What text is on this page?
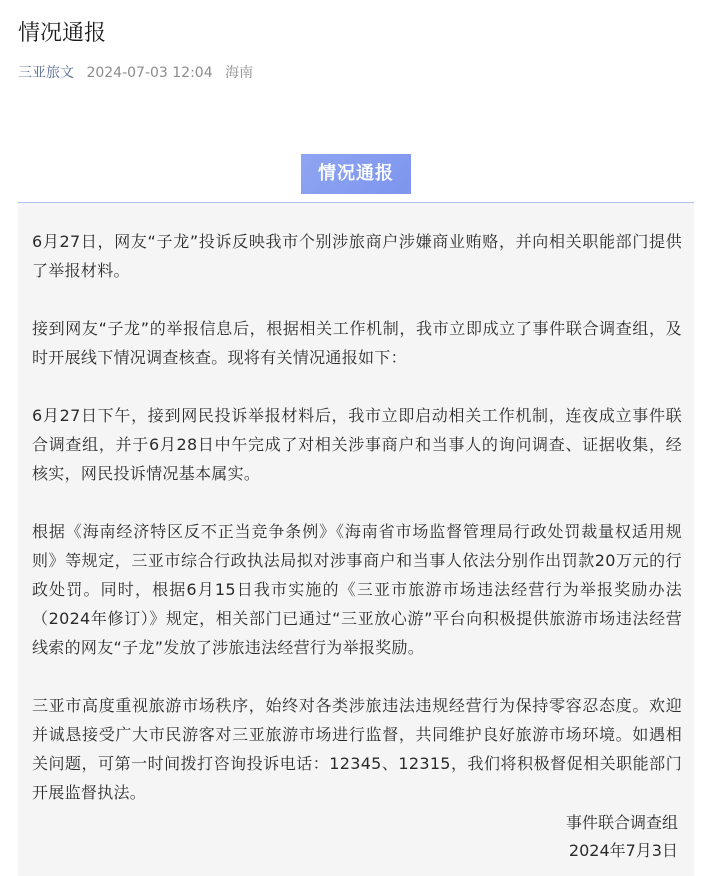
情况通报
三亚旅文 2024-07-03 12:04 海南
情况通报

6月27日，网友“子龙”投诉反映我市个别涉旅商户涉嫌商业贿赂，并向相关职能部门提供了举报材料。

接到网友“子龙”的举报信息后，根据相关工作机制，我市立即成立了事件联合调查组，及时开展线下情况调查核查。现将有关情况通报如下：

6月27日下午，接到网民投诉举报材料后，我市立即启动相关工作机制，连夜成立事件联合调查组，并于6月28日中午完成了对相关涉事商户和当事人的询问调查、证据收集，经核实，网民投诉情况基本属实。

根据《海南经济特区反不正当竞争条例》《海南省市场监督管理局行政处罚裁量权适用规则》等规定，三亚市综合行政执法局拟对涉事商户和当事人依法分别作出罚款20万元的行政处罚。同时，根据6月15日我市实施的《三亚市旅游市场违法经营行为举报奖励办法（2024年修订）》规定，相关部门已通过“三亚放心游”平台向积极提供旅游市场违法经营线索的网友“子龙”发放了涉旅违法经营行为举报奖励。

三亚市高度重视旅游市场秩序，始终对各类涉旅违法违规经营行为保持零容忍态度。欢迎并诚恳接受广大市民游客对三亚旅游市场进行监督，共同维护良好旅游市场环境。如遇相关问题，可第一时间拨打咨询投诉电话：12345、12315，我们将积极督促相关职能部门开展监督执法。

事件联合调查组
2024年7月3日
